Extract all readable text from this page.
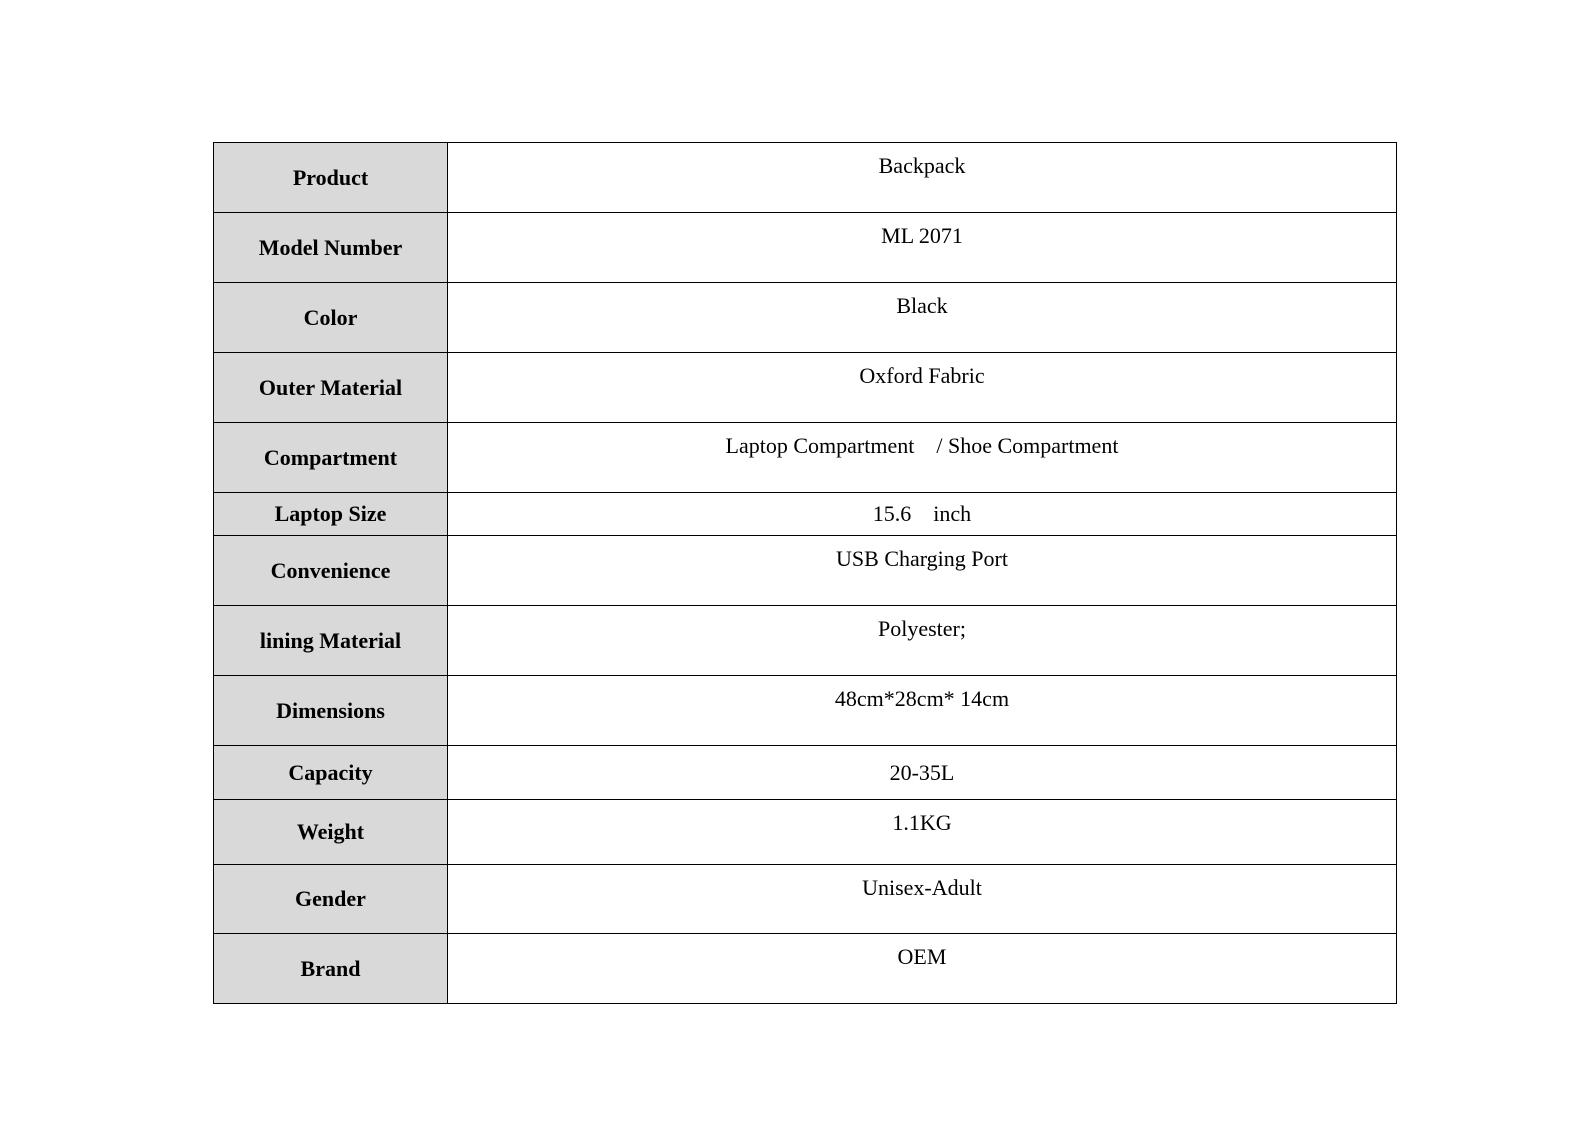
Product	Backpack
Model Number	ML 2071
Color	Black
Outer Material	Oxford Fabric
Compartment	Laptop Compartment    / Shoe Compartment
Laptop Size	15.6    inch
Convenience	USB Charging Port
lining Material	Polyester;
Dimensions	48cm*28cm* 14cm
Capacity	20-35L
Weight	1.1KG
Gender	Unisex-Adult
Brand	OEM
